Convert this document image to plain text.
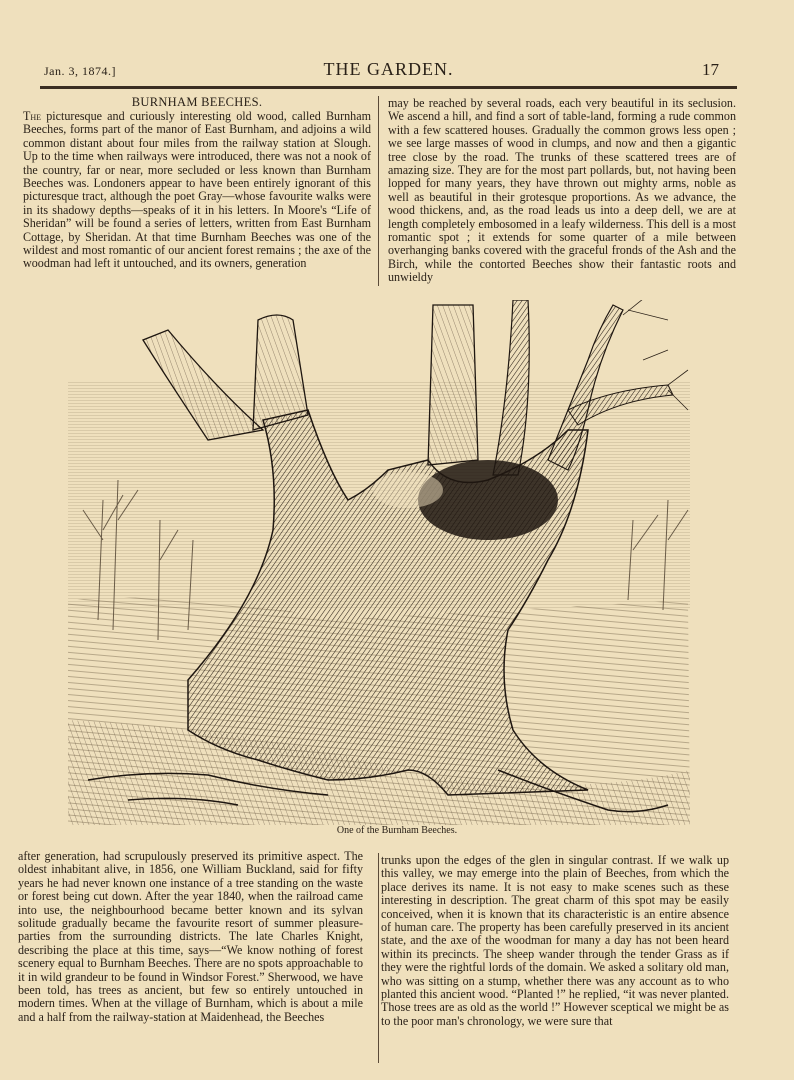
Jan. 3, 1874.]	THE GARDEN.	17
BURNHAM BEECHES.

The picturesque and curiously interesting old wood, called Burnham Beeches, forms part of the manor of East Burnham, and adjoins a wild common distant about four miles from the railway station at Slough. Up to the time when railways were introduced, there was not a nook of the country, far or near, more secluded or less known than Burnham Beeches was. Londoners appear to have been entirely ignorant of this picturesque tract, although the poet Gray—whose favourite walks were in its shadowy depths—speaks of it in his letters. In Moore's “Life of Sheridan” will be found a series of letters, written from East Burnham Cottage, by Sheridan. At that time Burnham Beeches was one of the wildest and most romantic of our ancient forest remains ; the axe of the woodman had left it untouched, and its owners, generation

may be reached by several roads, each very beautiful in its seclusion. We ascend a hill, and find a sort of table-land, forming a rude common with a few scattered houses. Gradually the common grows less open ; we see large masses of wood in clumps, and now and then a gigantic tree close by the road. The trunks of these scattered trees are of amazing size. They are for the most part pollards, but, not having been lopped for many years, they have thrown out mighty arms, noble as well as beautiful in their grotesque proportions. As we advance, the wood thickens, and, as the road leads us into a deep dell, we are at length completely embosomed in a leafy wilderness. This dell is a most romantic spot ; it extends for some quarter of a mile between overhanging banks covered with the graceful fronds of the Ash and the Birch, while the contorted Beeches show their fantastic roots and unwieldy

One of the Burnham Beeches.

after generation, had scrupulously preserved its primitive aspect. The oldest inhabitant alive, in 1856, one William Buckland, said for fifty years he had never known one instance of a tree standing on the waste or forest being cut down. After the year 1840, when the railroad came into use, the neighbourhood became better known and its sylvan solitude gradually became the favourite resort of summer pleasure-parties from the surrounding districts. The late Charles Knight, describing the place at this time, says—“We know nothing of forest scenery equal to Burnham Beeches. There are no spots approachable to it in wild grandeur to be found in Windsor Forest.” Sherwood, we have been told, has trees as ancient, but few so entirely untouched in modern times. When at the village of Burnham, which is about a mile and a half from the railway-station at Maidenhead, the Beeches

trunks upon the edges of the glen in singular contrast. If we walk up this valley, we may emerge into the plain of Beeches, from which the place derives its name. It is not easy to make scenes such as these interesting in description. The great charm of this spot may be easily conceived, when it is known that its characteristic is an entire absence of human care. The property has been carefully preserved in its ancient state, and the axe of the woodman for many a day has not been heard within its precincts. The sheep wander through the tender Grass as if they were the rightful lords of the domain. We asked a solitary old man, who was sitting on a stump, whether there was any account as to who planted this ancient wood. “Planted !” he replied, “it was never planted. Those trees are as old as the world !” However sceptical we might be as to the poor man's chronology, we were sure that
